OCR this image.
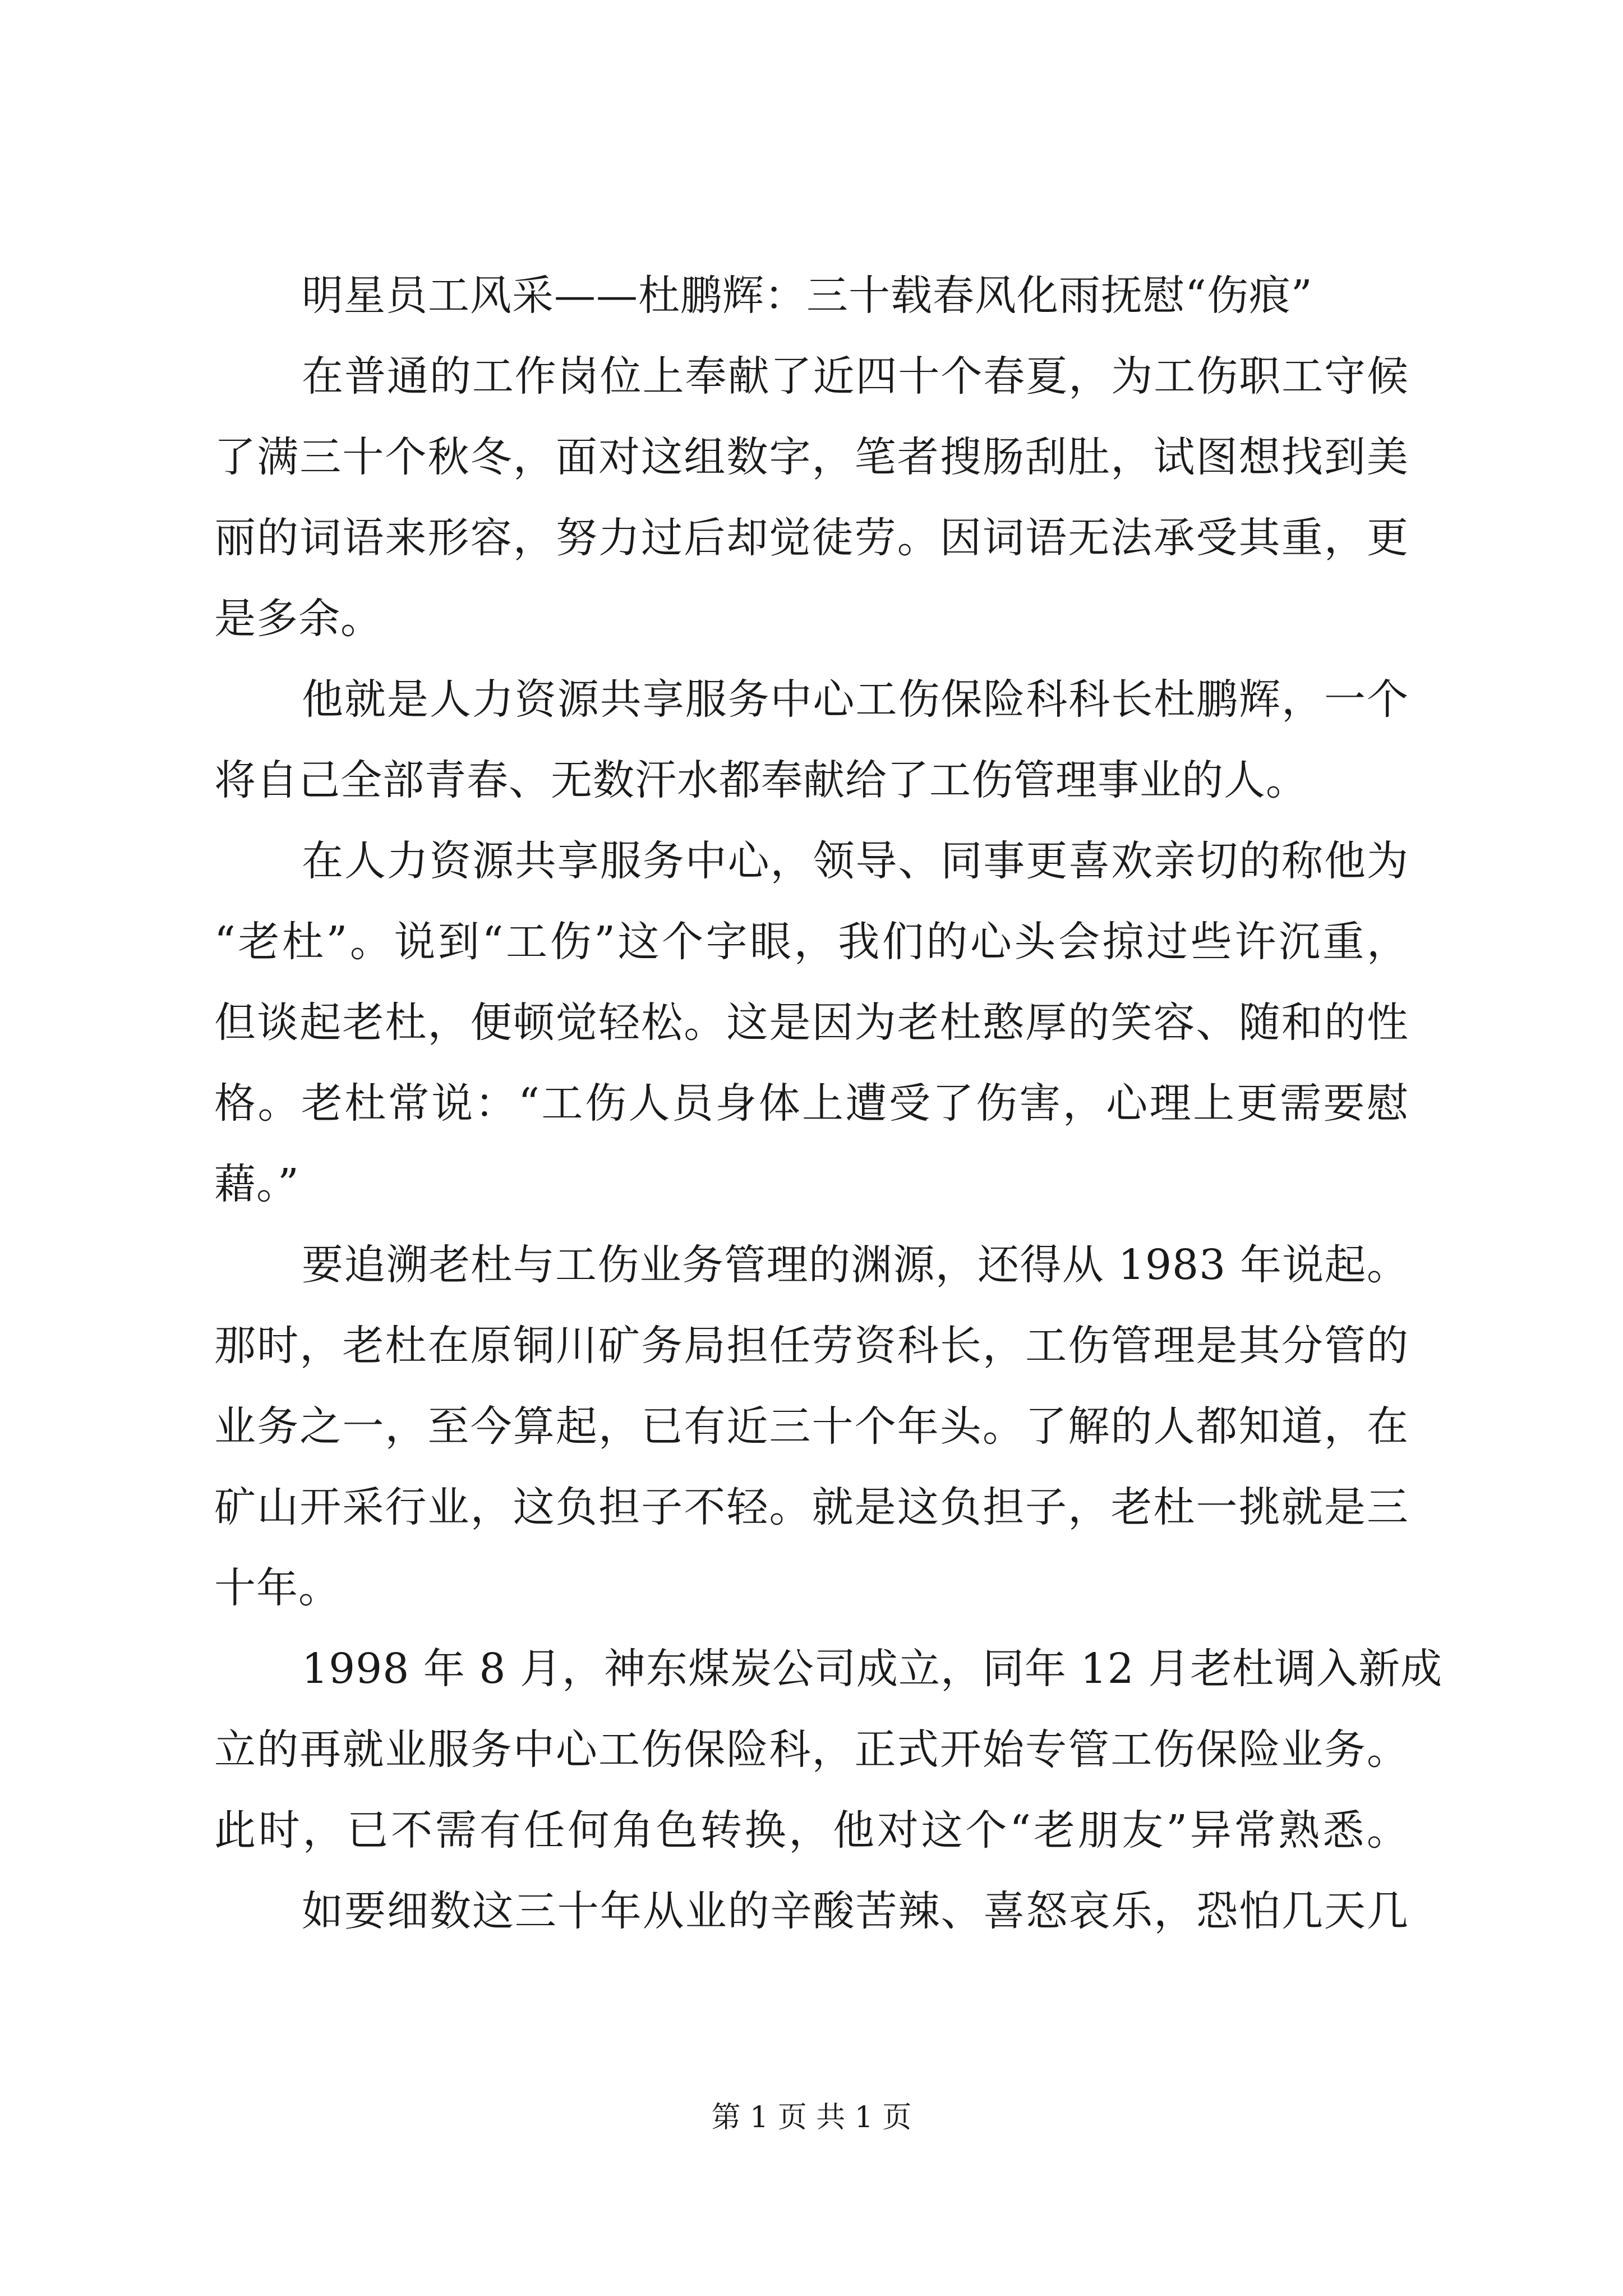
明星员工风采——杜鹏辉：三十载春风化雨抚慰“伤痕”
在普通的工作岗位上奉献了近四十个春夏，为工伤职工守候
了满三十个秋冬，面对这组数字，笔者搜肠刮肚，试图想找到美
丽的词语来形容，努力过后却觉徒劳。因词语无法承受其重，更
是多余。
他就是人力资源共享服务中心工伤保险科科长杜鹏辉，一个
将自己全部青春、无数汗水都奉献给了工伤管理事业的人。
在人力资源共享服务中心，领导、同事更喜欢亲切的称他为
“老杜”。说到“工伤”这个字眼，我们的心头会掠过些许沉重，
但谈起老杜，便顿觉轻松。这是因为老杜憨厚的笑容、随和的性
格。老杜常说：“工伤人员身体上遭受了伤害，心理上更需要慰
藉。”
要追溯老杜与工伤业务管理的渊源，还得从 1983 年说起。
那时，老杜在原铜川矿务局担任劳资科长，工伤管理是其分管的
业务之一，至今算起，已有近三十个年头。了解的人都知道，在
矿山开采行业，这负担子不轻。就是这负担子，老杜一挑就是三
十年。
1998 年 8 月，神东煤炭公司成立，同年 12 月老杜调入新成
立的再就业服务中心工伤保险科，正式开始专管工伤保险业务。
此时，已不需有任何角色转换，他对这个“老朋友”异常熟悉。
如要细数这三十年从业的辛酸苦辣、喜怒哀乐，恐怕几天几
第 1 页 共 1 页
